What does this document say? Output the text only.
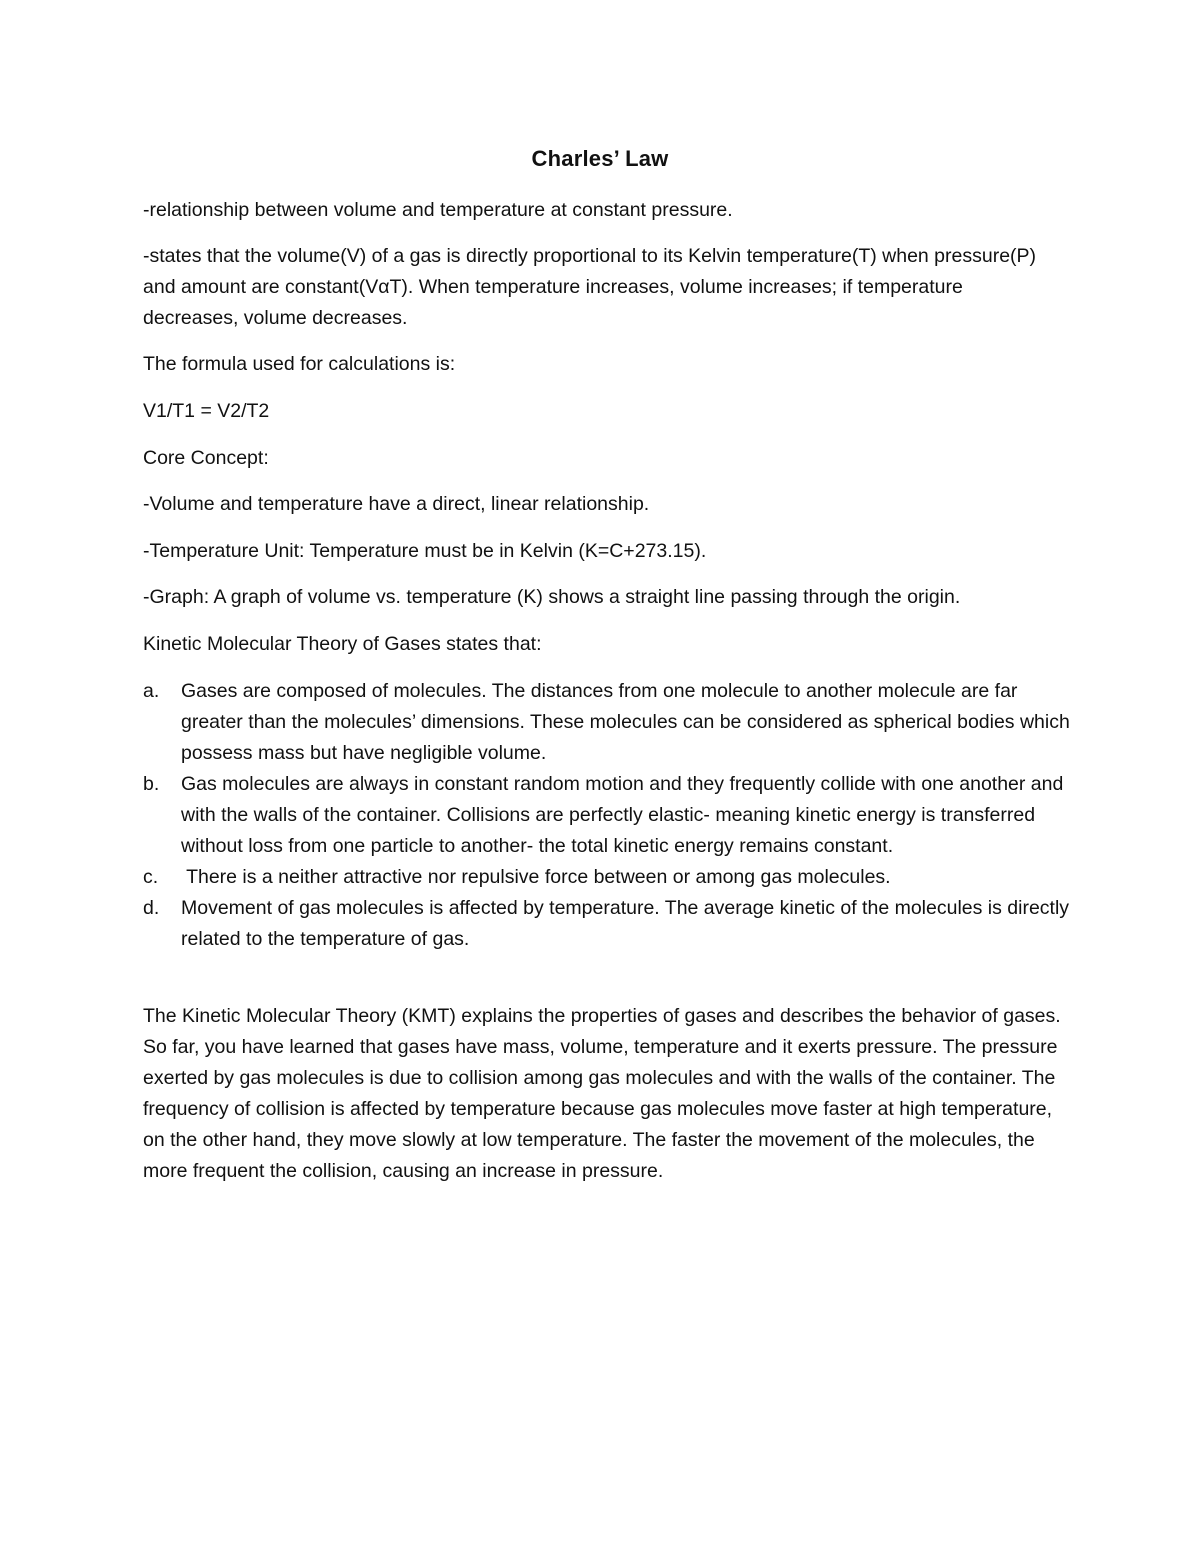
Charles’ Law

-relationship between volume and temperature at constant pressure.

-states that the volume(V) of a gas is directly proportional to its Kelvin temperature(T) when pressure(P) and amount are constant(VαT). When temperature increases, volume increases; if temperature decreases, volume decreases.

The formula used for calculations is:

V1/T1 = V2/T2

Core Concept:

-Volume and temperature have a direct, linear relationship.

-Temperature Unit: Temperature must be in Kelvin (K=C+273.15).

-Graph: A graph of volume vs. temperature (K) shows a straight line passing through the origin.

Kinetic Molecular Theory of Gases states that:

a.	Gases are composed of molecules. The distances from one molecule to another molecule are far greater than the molecules’ dimensions. These molecules can be considered as spherical bodies which possess mass but have negligible volume.
b.	Gas molecules are always in constant random motion and they frequently collide with one another and with the walls of the container. Collisions are perfectly elastic- meaning kinetic energy is transferred without loss from one particle to another- the total kinetic energy remains constant.
c.	There is a neither attractive nor repulsive force between or among gas molecules.
d.	Movement of gas molecules is affected by temperature. The average kinetic of the molecules is directly related to the temperature of gas.

The Kinetic Molecular Theory (KMT) explains the properties of gases and describes the behavior of gases. So far, you have learned that gases have mass, volume, temperature and it exerts pressure. The pressure exerted by gas molecules is due to collision among gas molecules and with the walls of the container. The frequency of collision is affected by temperature because gas molecules move faster at high temperature, on the other hand, they move slowly at low temperature. The faster the movement of the molecules, the more frequent the collision, causing an increase in pressure.
